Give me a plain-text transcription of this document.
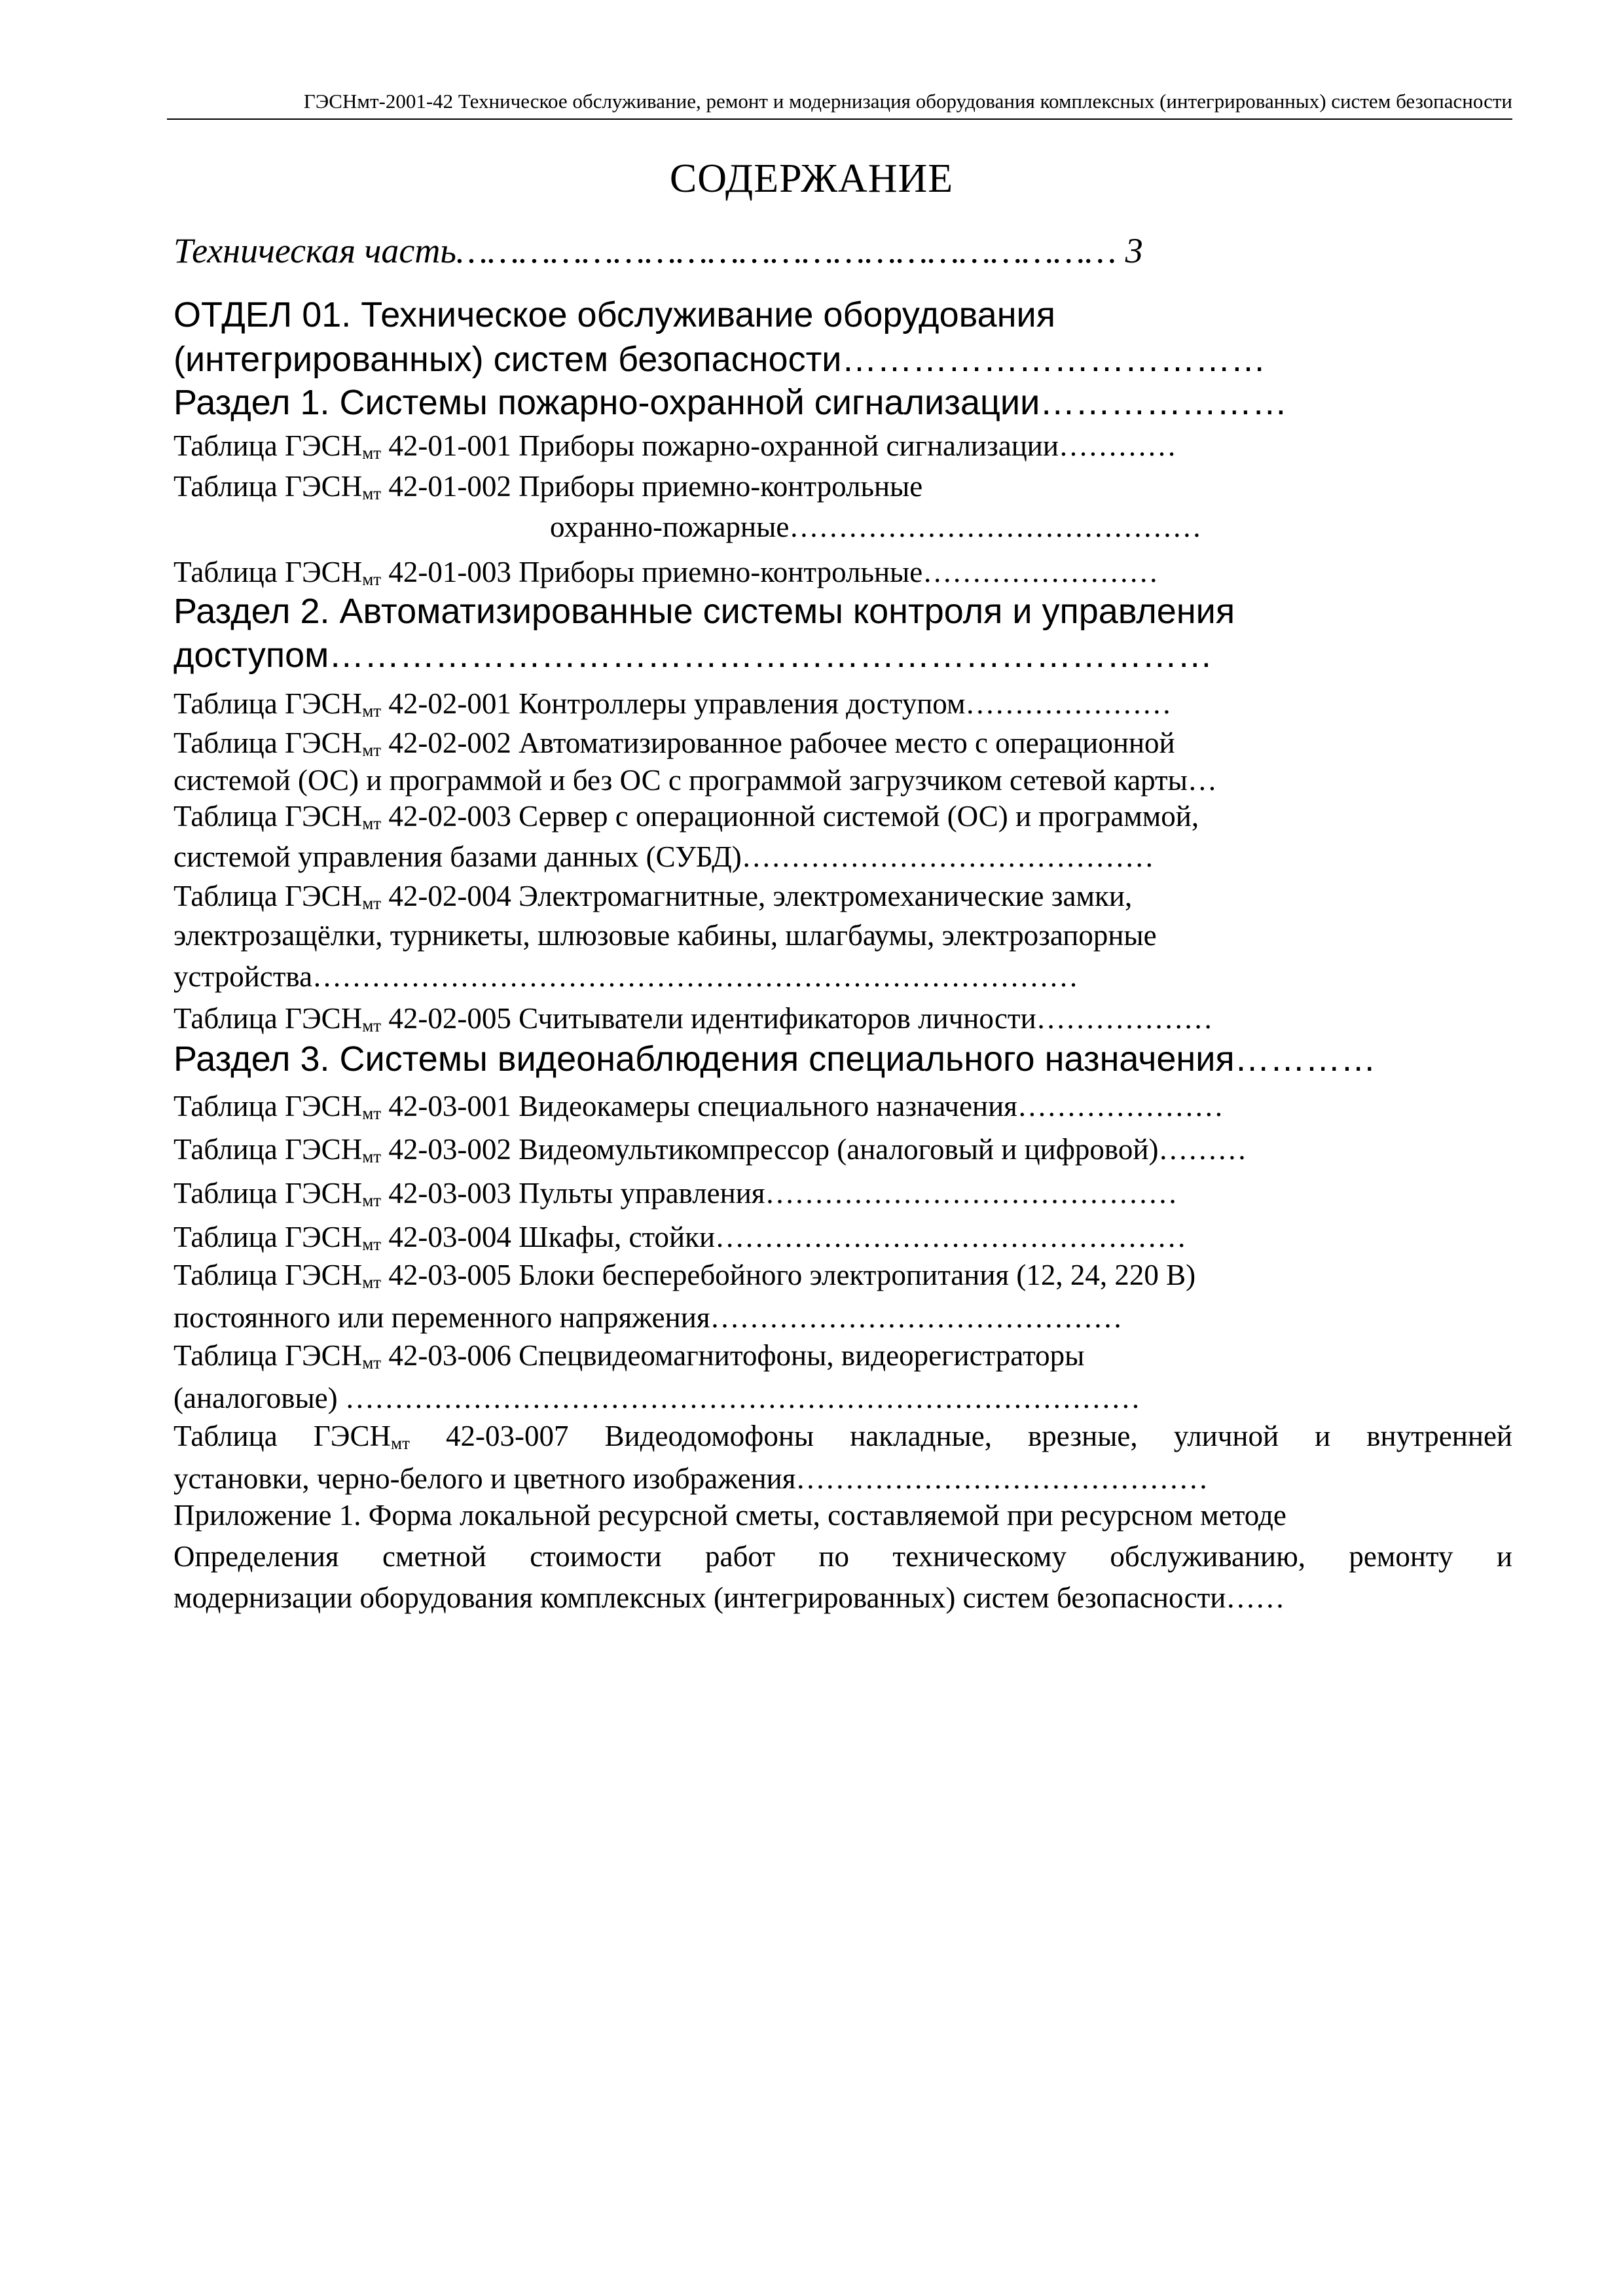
ГЭСНмт-2001-42 Техническое обслуживание, ремонт и модернизация оборудования комплексных (интегрированных) систем безопасности
СОДЕРЖАНИЕ
Техническая часть……………………………………………………… 3
ОТДЕЛ 01. Техническое обслуживание оборудования
(интегрированных) систем безопасности………………………………
Раздел 1. Системы пожарно-охранной сигнализации…………………
Таблица $ГЭСН_{мт}$ 42-01-001 Приборы пожарно-охранной сигнализации…………
Таблица $ГЭСН_{мт}$ 42-01-002 Приборы приемно-контрольные
охранно-пожарные……………………………………
Таблица $ГЭСН_{мт}$ 42-01-003 Приборы приемно-контрольные……………………
Раздел 2. Автоматизированные системы контроля и управления
доступом…………………………………………………………………
Таблица $ГЭСН_{мт}$ 42-02-001 Контроллеры управления доступом…………………
Таблица $ГЭСН_{мт}$ 42-02-002 Автоматизированное рабочее место с операционной
системой (ОС) и программой и без ОС с программой загрузчиком сетевой карты…
Таблица $ГЭСН_{мт}$ 42-02-003 Сервер с операционной системой (ОС) и программой,
системой управления базами данных (СУБД)……………………………………
Таблица $ГЭСН_{мт}$ 42-02-004 Электромагнитные, электромеханические замки,
электрозащёлки, турникеты, шлюзовые кабины, шлагбаумы, электрозапорные
устройства……………………………………………………………………
Таблица $ГЭСН_{мт}$ 42-02-005 Считыватели идентификаторов личности………………
Раздел 3. Системы видеонаблюдения специального назначения…………
Таблица $ГЭСН_{мт}$ 42-03-001 Видеокамеры специального назначения…………………
Таблица $ГЭСН_{мт}$ 42-03-002 Видеомультикомпрессор (аналоговый и цифровой)………
Таблица $ГЭСН_{мт}$ 42-03-003 Пульты управления……………………………………
Таблица $ГЭСН_{мт}$ 42-03-004 Шкафы, стойки…………………………………………
Таблица $ГЭСН_{мт}$ 42-03-005 Блоки бесперебойного электропитания (12, 24, 220 В)
постоянного или переменного напряжения……………………………………
Таблица $ГЭСН_{мт}$ 42-03-006 Спецвидеомагнитофоны, видеорегистраторы
(аналоговые) ………………………………………………………………………
Таблица $ГЭСН_{мт}$ 42-03-007 Видеодомофоны накладные, врезные, уличной и внутренней
установки, черно-белого и цветного изображения……………………………………
Приложение 1. Форма локальной ресурсной сметы, составляемой при ресурсном методе
Определения сметной стоимости работ по техническому обслуживанию, ремонту и
модернизации оборудования комплексных (интегрированных) систем безопасности……
